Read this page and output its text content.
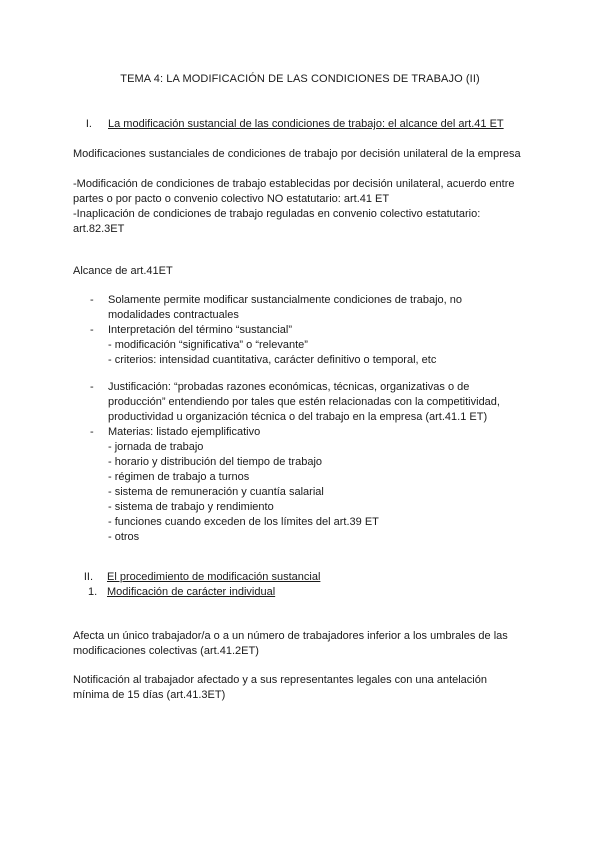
TEMA 4: LA MODIFICACIÓN DE LAS CONDICIONES DE TRABAJO (II)
I. La modificación sustancial de las condiciones de trabajo: el alcance del art.41 ET

Modificaciones sustanciales de condiciones de trabajo por decisión unilateral de la empresa

-Modificación de condiciones de trabajo establecidas por decisión unilateral, acuerdo entre
partes o por pacto o convenio colectivo NO estatutario: art.41 ET
-Inaplicación de condiciones de trabajo reguladas en convenio colectivo estatutario:
art.82.3ET

Alcance de art.41ET

- Solamente permite modificar sustancialmente condiciones de trabajo, no
modalidades contractuales
- Interpretación del término “sustancial”
- modificación “significativa” o “relevante”
- criterios: intensidad cuantitativa, carácter definitivo o temporal, etc
- Justificación: “probadas razones económicas, técnicas, organizativas o de
producción” entendiendo por tales que estén relacionadas con la competitividad,
productividad u organización técnica o del trabajo en la empresa (art.41.1 ET)
- Materias: listado ejemplificativo
- jornada de trabajo
- horario y distribución del tiempo de trabajo
- régimen de trabajo a turnos
- sistema de remuneración y cuantía salarial
- sistema de trabajo y rendimiento
- funciones cuando exceden de los límites del art.39 ET
- otros
II. El procedimiento de modificación sustancial
1. Modificación de carácter individual
Afecta un único trabajador/a o a un número de trabajadores inferior a los umbrales de las
modificaciones colectivas (art.41.2ET)
Notificación al trabajador afectado y a sus representantes legales con una antelación
mínima de 15 días (art.41.3ET)
